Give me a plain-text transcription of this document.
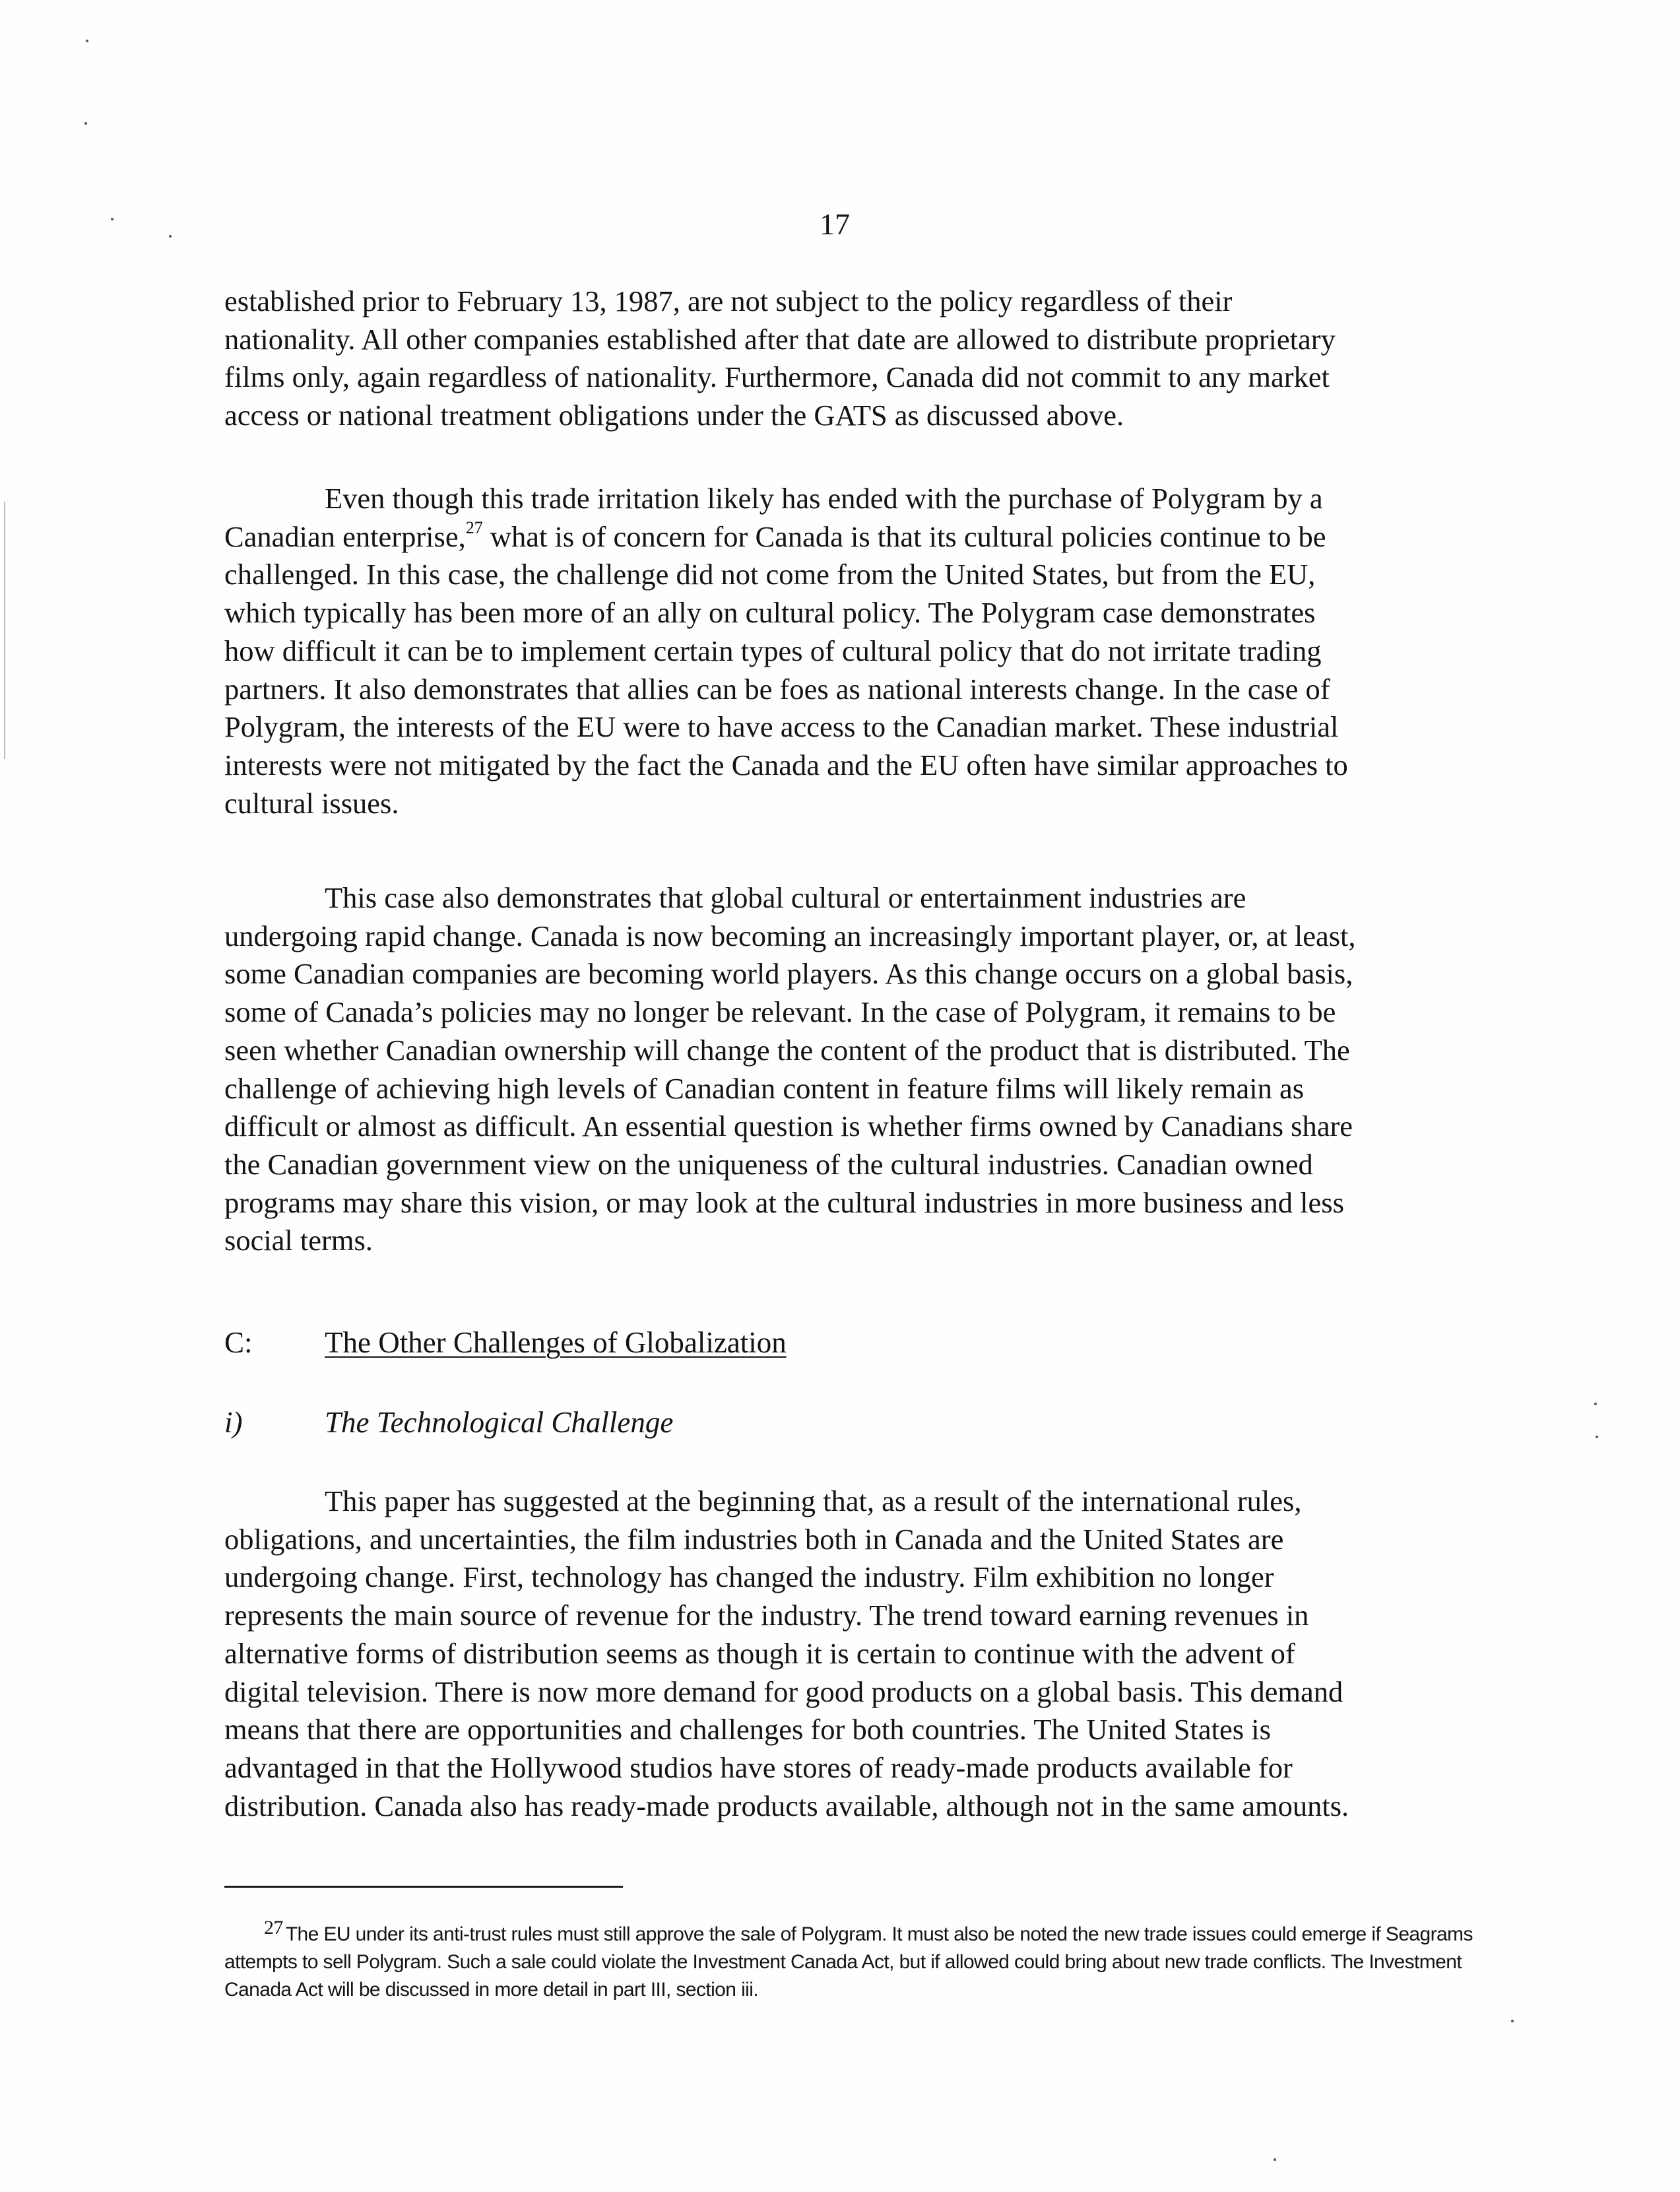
17
established prior to February 13, 1987, are not subject to the policy regardless of their
nationality. All other companies established after that date are allowed to distribute proprietary
films only, again regardless of nationality. Furthermore, Canada did not commit to any market
access or national treatment obligations under the GATS as discussed above.
Even though this trade irritation likely has ended with the purchase of Polygram by a
Canadian enterprise,$^{27}$ what is of concern for Canada is that its cultural policies continue to be
challenged. In this case, the challenge did not come from the United States, but from the EU,
which typically has been more of an ally on cultural policy. The Polygram case demonstrates
how difficult it can be to implement certain types of cultural policy that do not irritate trading
partners. It also demonstrates that allies can be foes as national interests change. In the case of
Polygram, the interests of the EU were to have access to the Canadian market. These industrial
interests were not mitigated by the fact the Canada and the EU often have similar approaches to
cultural issues.
This case also demonstrates that global cultural or entertainment industries are
undergoing rapid change. Canada is now becoming an increasingly important player, or, at least,
some Canadian companies are becoming world players. As this change occurs on a global basis,
some of Canada’s policies may no longer be relevant. In the case of Polygram, it remains to be
seen whether Canadian ownership will change the content of the product that is distributed. The
challenge of achieving high levels of Canadian content in feature films will likely remain as
difficult or almost as difficult. An essential question is whether firms owned by Canadians share
the Canadian government view on the uniqueness of the cultural industries. Canadian owned
programs may share this vision, or may look at the cultural industries in more business and less
social terms.
C: The Other Challenges of Globalization
i)	The Technological Challenge
This paper has suggested at the beginning that, as a result of the international rules,
obligations, and uncertainties, the film industries both in Canada and the United States are
undergoing change. First, technology has changed the industry. Film exhibition no longer
represents the main source of revenue for the industry. The trend toward earning revenues in
alternative forms of distribution seems as though it is certain to continue with the advent of
digital television. There is now more demand for good products on a global basis. This demand
means that there are opportunities and challenges for both countries. The United States is
advantaged in that the Hollywood studios have stores of ready-made products available for
distribution. Canada also has ready-made products available, although not in the same amounts.
27 The EU under its anti-trust rules must still approve the sale of Polygram. It must also be noted the new trade issues could emerge if Seagrams
attempts to sell Polygram. Such a sale could violate the Investment Canada Act, but if allowed could bring about new trade conflicts. The Investment
Canada Act will be discussed in more detail in part III, section iii.
